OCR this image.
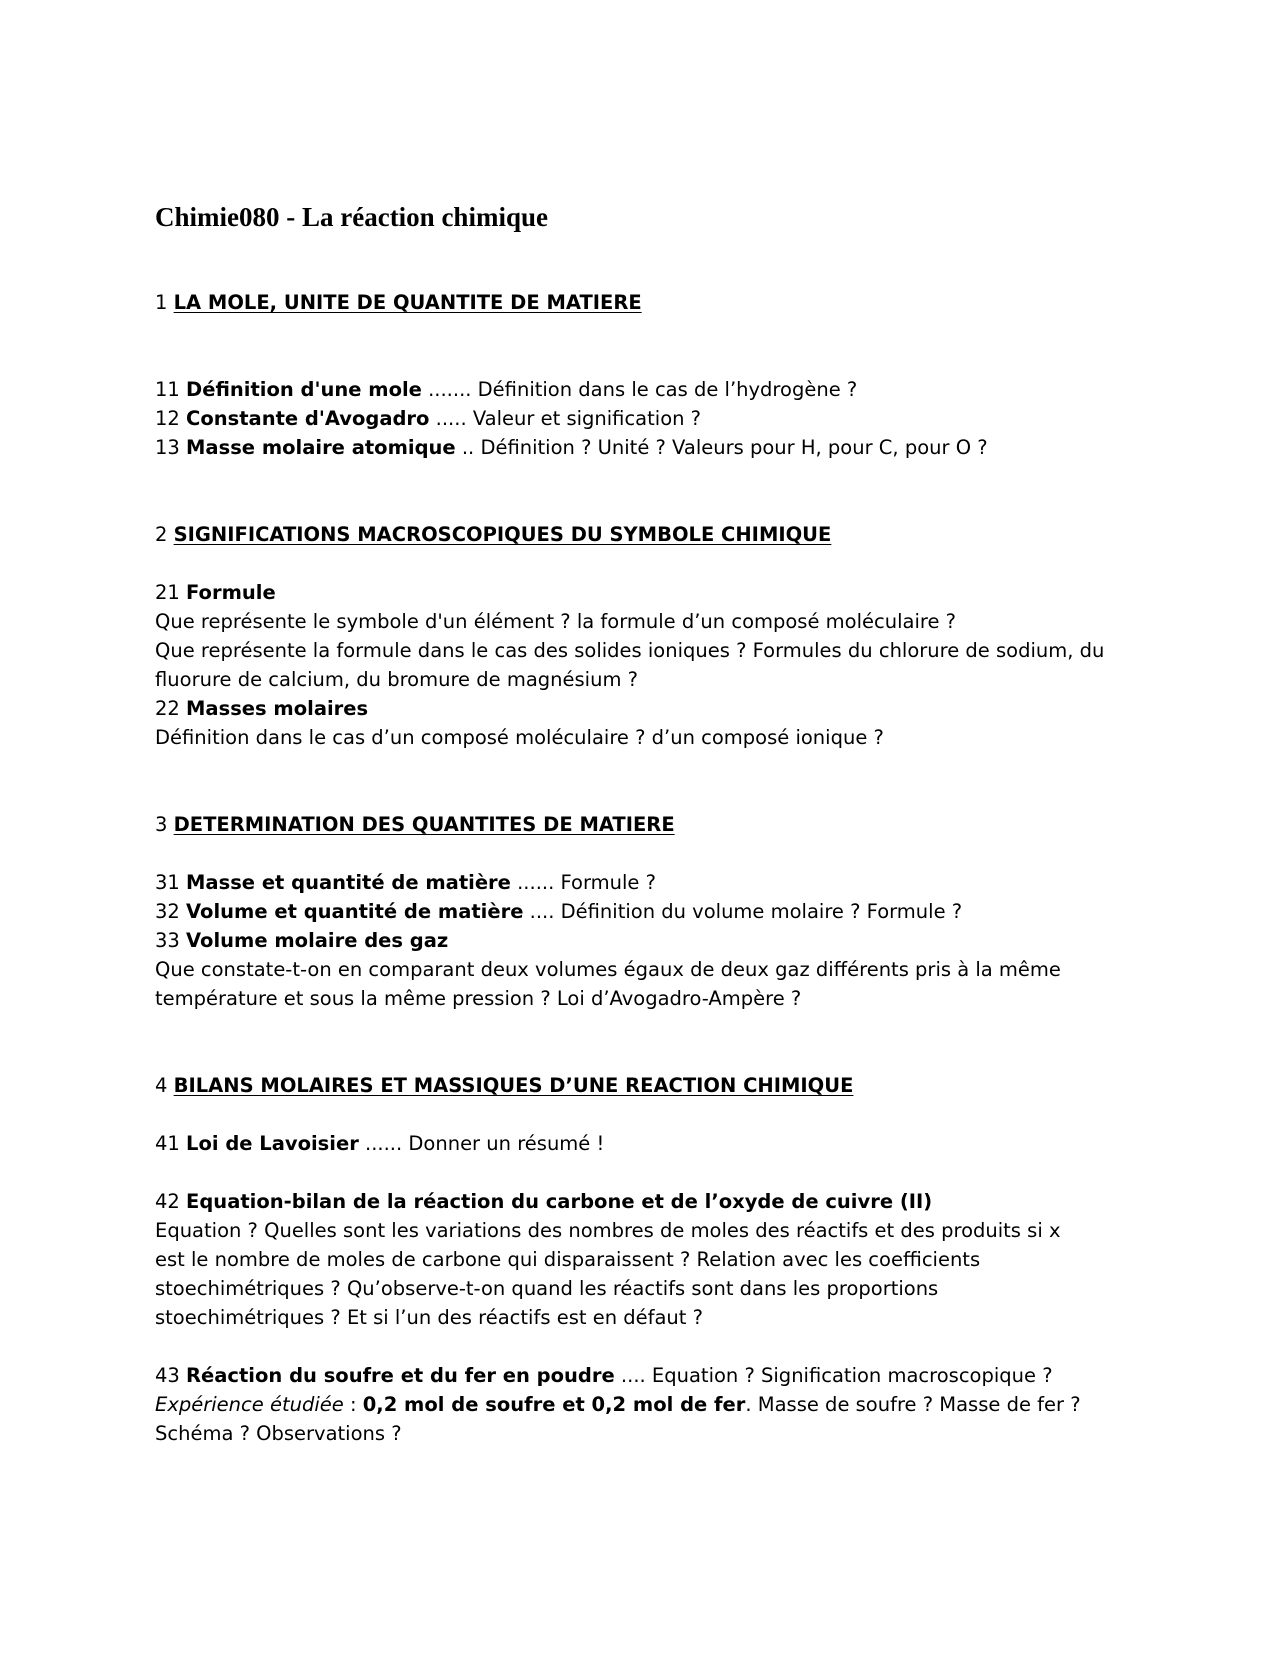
Chimie080 - La réaction chimique

1 LA MOLE, UNITE DE QUANTITE DE MATIERE

11 Définition d'une mole ....... Définition dans le cas de l’hydrogène ?

12 Constante d'Avogadro ..... Valeur et signification ?

13 Masse molaire atomique .. Définition ? Unité ? Valeurs pour H, pour C, pour O ?

2 SIGNIFICATIONS MACROSCOPIQUES DU SYMBOLE CHIMIQUE

21 Formule

Que représente le symbole d'un élément ? la formule d’un composé moléculaire ?

Que représente la formule dans le cas des solides ioniques ? Formules du chlorure de sodium, du

fluorure de calcium, du bromure de magnésium ?

22 Masses molaires

Définition dans le cas d’un composé moléculaire ? d’un composé ionique ?

3 DETERMINATION DES QUANTITES DE MATIERE

31 Masse et quantité de matière ...... Formule ?

32 Volume et quantité de matière .... Définition du volume molaire ? Formule ?

33 Volume molaire des gaz

Que constate-t-on en comparant deux volumes égaux de deux gaz différents pris à la même

température et sous la même pression ? Loi d’Avogadro-Ampère ?

4 BILANS MOLAIRES ET MASSIQUES D’UNE REACTION CHIMIQUE

41 Loi de Lavoisier ...... Donner un résumé !

42 Equation-bilan de la réaction du carbone et de l’oxyde de cuivre (II)

Equation ? Quelles sont les variations des nombres de moles des réactifs et des produits si x

est le nombre de moles de carbone qui disparaissent ? Relation avec les coefficients

stoechimétriques ? Qu’observe-t-on quand les réactifs sont dans les proportions

stoechimétriques ? Et si l’un des réactifs est en défaut ?

43 Réaction du soufre et du fer en poudre .... Equation ? Signification macroscopique ?

Expérience étudiée : 0,2 mol de soufre et 0,2 mol de fer. Masse de soufre ? Masse de fer ?

Schéma ? Observations ?
